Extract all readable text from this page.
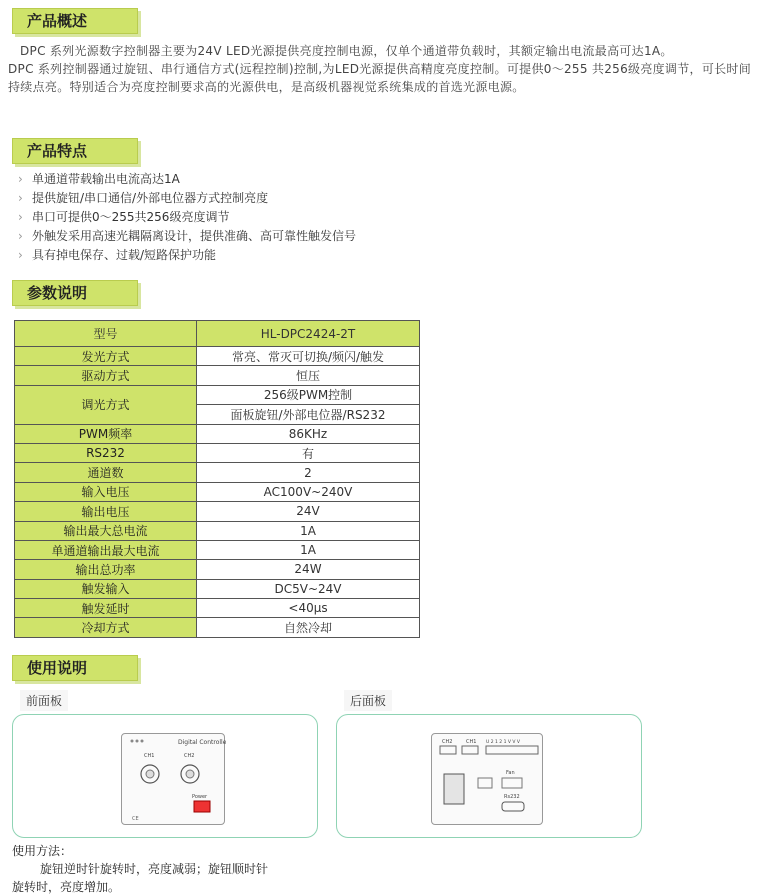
产品概述

DPC 系列光源数字控制器主要为24V LED光源提供亮度控制电源，仅单个通道带负载时，其额定输出电流最高可达1A。

DPC 系列控制器通过旋钮、串行通信方式(远程控制)控制,为LED光源提供高精度亮度控制。可提供0～255 共256级亮度调节，可长时间持续点亮。特别适合为亮度控制要求高的光源供电，是高级机器视觉系统集成的首选光源电源。

产品特点
› 单通道带载输出电流高达1A
› 提供旋钮/串口通信/外部电位器方式控制亮度
› 串口可提供0～255共256级亮度调节
› 外触发采用高速光耦隔离设计，提供准确、高可靠性触发信号
› 具有掉电保存、过载/短路保护功能
参数说明
型号	HL-DPC2424-2T
发光方式	常亮、常灭可切换/频闪/触发
驱动方式	恒压
调光方式	256级PWM控制
	面板旋钮/外部电位器/RS232
PWM频率	86KHz
RS232	有
通道数	2
输入电压	AC100V~240V
输出电压	24V
输出最大总电流	1A
单通道输出最大电流	1A
输出总功率	24W
触发输入	DC5V~24V
触发延时	<40μs
冷却方式	自然冷却
使用说明
前面板	后面板
Digital Controller
CH1	CH2
Power
CE
CH2	CH1 U 2 1 2 1 V V V
Fan
Rs232
使用方法：
旋钮逆时针旋转时，亮度减弱；旋钮顺时针
旋转时，亮度增加。
